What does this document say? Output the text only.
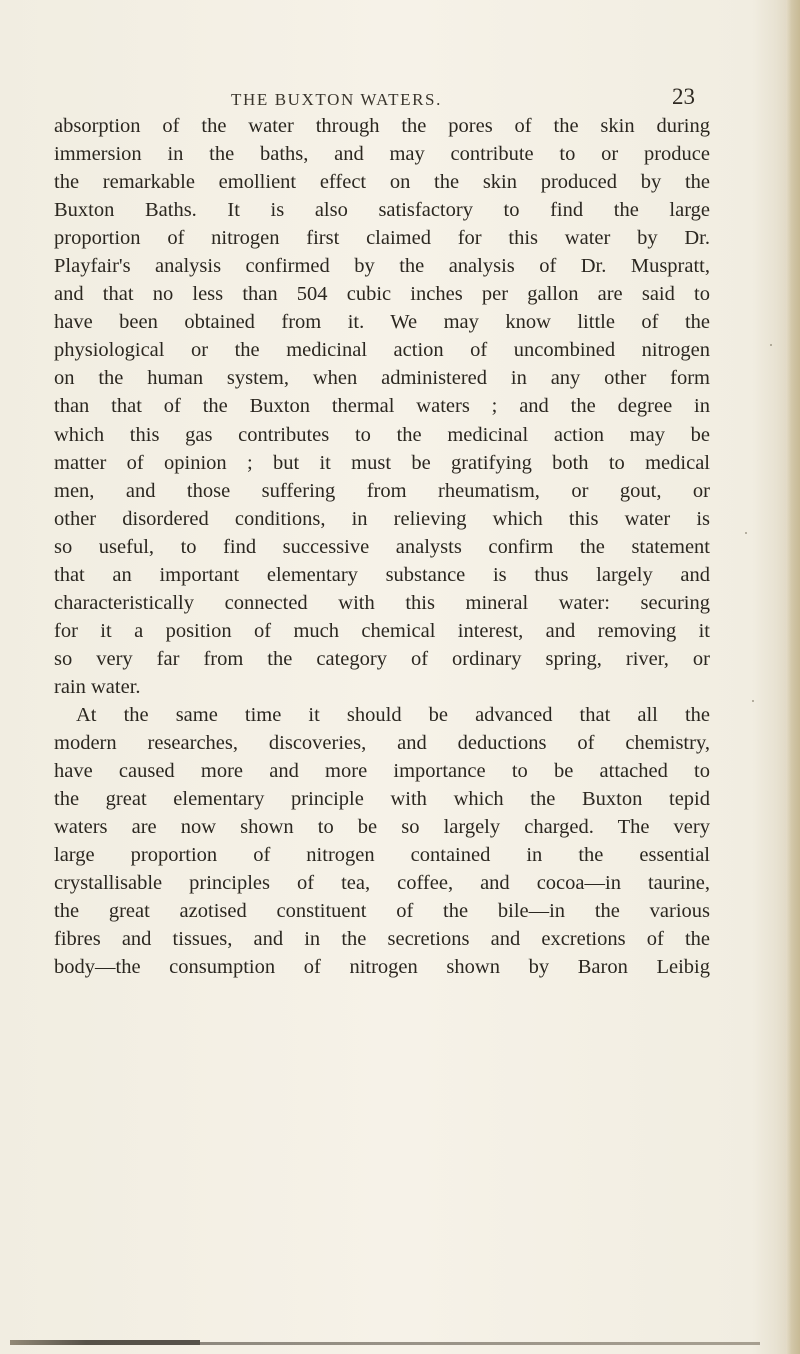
THE BUXTON WATERS.	23
absorption of the water through the pores of the skin during
immersion in the baths, and may contribute to or produce
the remarkable emollient effect on the skin produced by the
Buxton Baths. It is also satisfactory to find the large
proportion of nitrogen first claimed for this water by Dr.
Playfair's analysis confirmed by the analysis of Dr. Muspratt,
and that no less than 504 cubic inches per gallon are said to
have been obtained from it. We may know little of the
physiological or the medicinal action of uncombined nitrogen
on the human system, when administered in any other form
than that of the Buxton thermal waters ; and the degree in
which this gas contributes to the medicinal action may be
matter of opinion ; but it must be gratifying both to medical
men, and those suffering from rheumatism, or gout, or
other disordered conditions, in relieving which this water is
so useful, to find successive analysts confirm the statement
that an important elementary substance is thus largely and
characteristically connected with this mineral water: securing
for it a position of much chemical interest, and removing it
so very far from the category of ordinary spring, river, or
rain water.
At the same time it should be advanced that all the
modern researches, discoveries, and deductions of chemistry,
have caused more and more importance to be attached to
the great elementary principle with which the Buxton tepid
waters are now shown to be so largely charged. The very
large proportion of nitrogen contained in the essential
crystallisable principles of tea, coffee, and cocoa—in taurine,
the great azotised constituent of the bile—in the various
fibres and tissues, and in the secretions and excretions of the
body—the consumption of nitrogen shown by Baron Leibig
